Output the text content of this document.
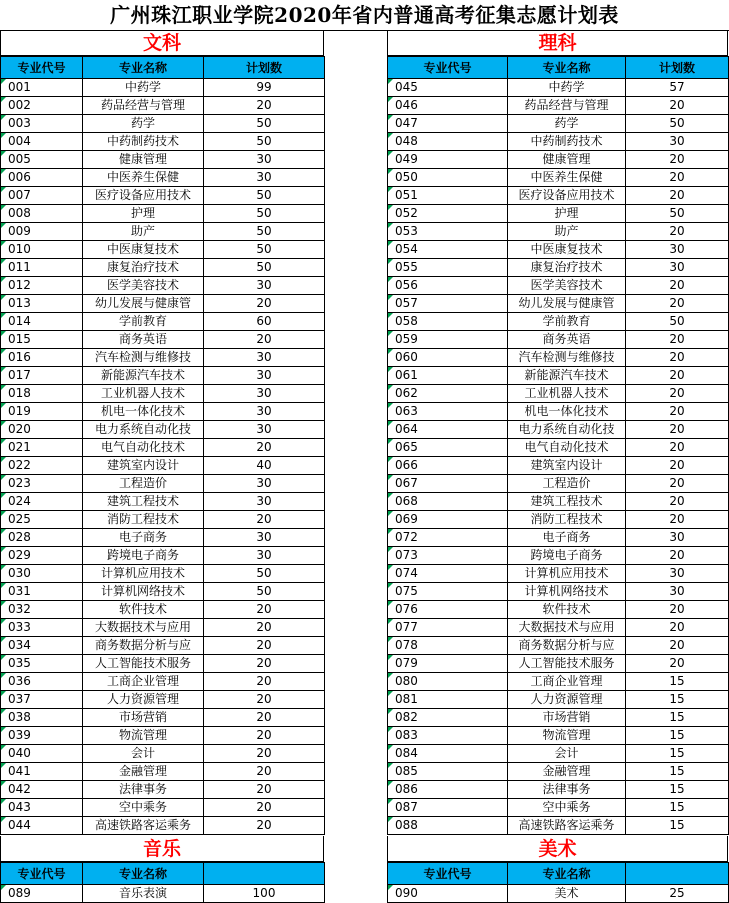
广州珠江职业学院2020年省内普通高考征集志愿计划表
文科
专业代号	专业名称	计划数
001	中药学	99
002	药品经营与管理	20
003	药学	50
004	中药制药技术	50
005	健康管理	30
006	中医养生保健	30
007	医疗设备应用技术	50
008	护理	50
009	助产	50
010	中医康复技术	50
011	康复治疗技术	50
012	医学美容技术	30
013	幼儿发展与健康管	20
014	学前教育	60
015	商务英语	20
016	汽车检测与维修技	30
017	新能源汽车技术	30
018	工业机器人技术	30
019	机电一体化技术	30
020	电力系统自动化技	30
021	电气自动化技术	20
022	建筑室内设计	40
023	工程造价	30
024	建筑工程技术	30
025	消防工程技术	20
028	电子商务	30
029	跨境电子商务	30
030	计算机应用技术	50
031	计算机网络技术	50
032	软件技术	20
033	大数据技术与应用	20
034	商务数据分析与应	20
035	人工智能技术服务	20
036	工商企业管理	20
037	人力资源管理	20
038	市场营销	20
039	物流管理	20
040	会计	20
041	金融管理	20
042	法律事务	20
043	空中乘务	20
044	高速铁路客运乘务	20
理科
专业代号	专业名称	计划数
045	中药学	57
046	药品经营与管理	20
047	药学	50
048	中药制药技术	30
049	健康管理	20
050	中医养生保健	20
051	医疗设备应用技术	20
052	护理	50
053	助产	20
054	中医康复技术	30
055	康复治疗技术	30
056	医学美容技术	20
057	幼儿发展与健康管	20
058	学前教育	50
059	商务英语	20
060	汽车检测与维修技	20
061	新能源汽车技术	20
062	工业机器人技术	20
063	机电一体化技术	20
064	电力系统自动化技	20
065	电气自动化技术	20
066	建筑室内设计	20
067	工程造价	20
068	建筑工程技术	20
069	消防工程技术	20
072	电子商务	30
073	跨境电子商务	20
074	计算机应用技术	30
075	计算机网络技术	30
076	软件技术	20
077	大数据技术与应用	20
078	商务数据分析与应	20
079	人工智能技术服务	20
080	工商企业管理	15
081	人力资源管理	15
082	市场营销	15
083	物流管理	15
084	会计	15
085	金融管理	15
086	法律事务	15
087	空中乘务	15
088	高速铁路客运乘务	15
音乐
专业代号	专业名称	
089	音乐表演	100
美术
专业代号	专业名称	
090	美术	25
